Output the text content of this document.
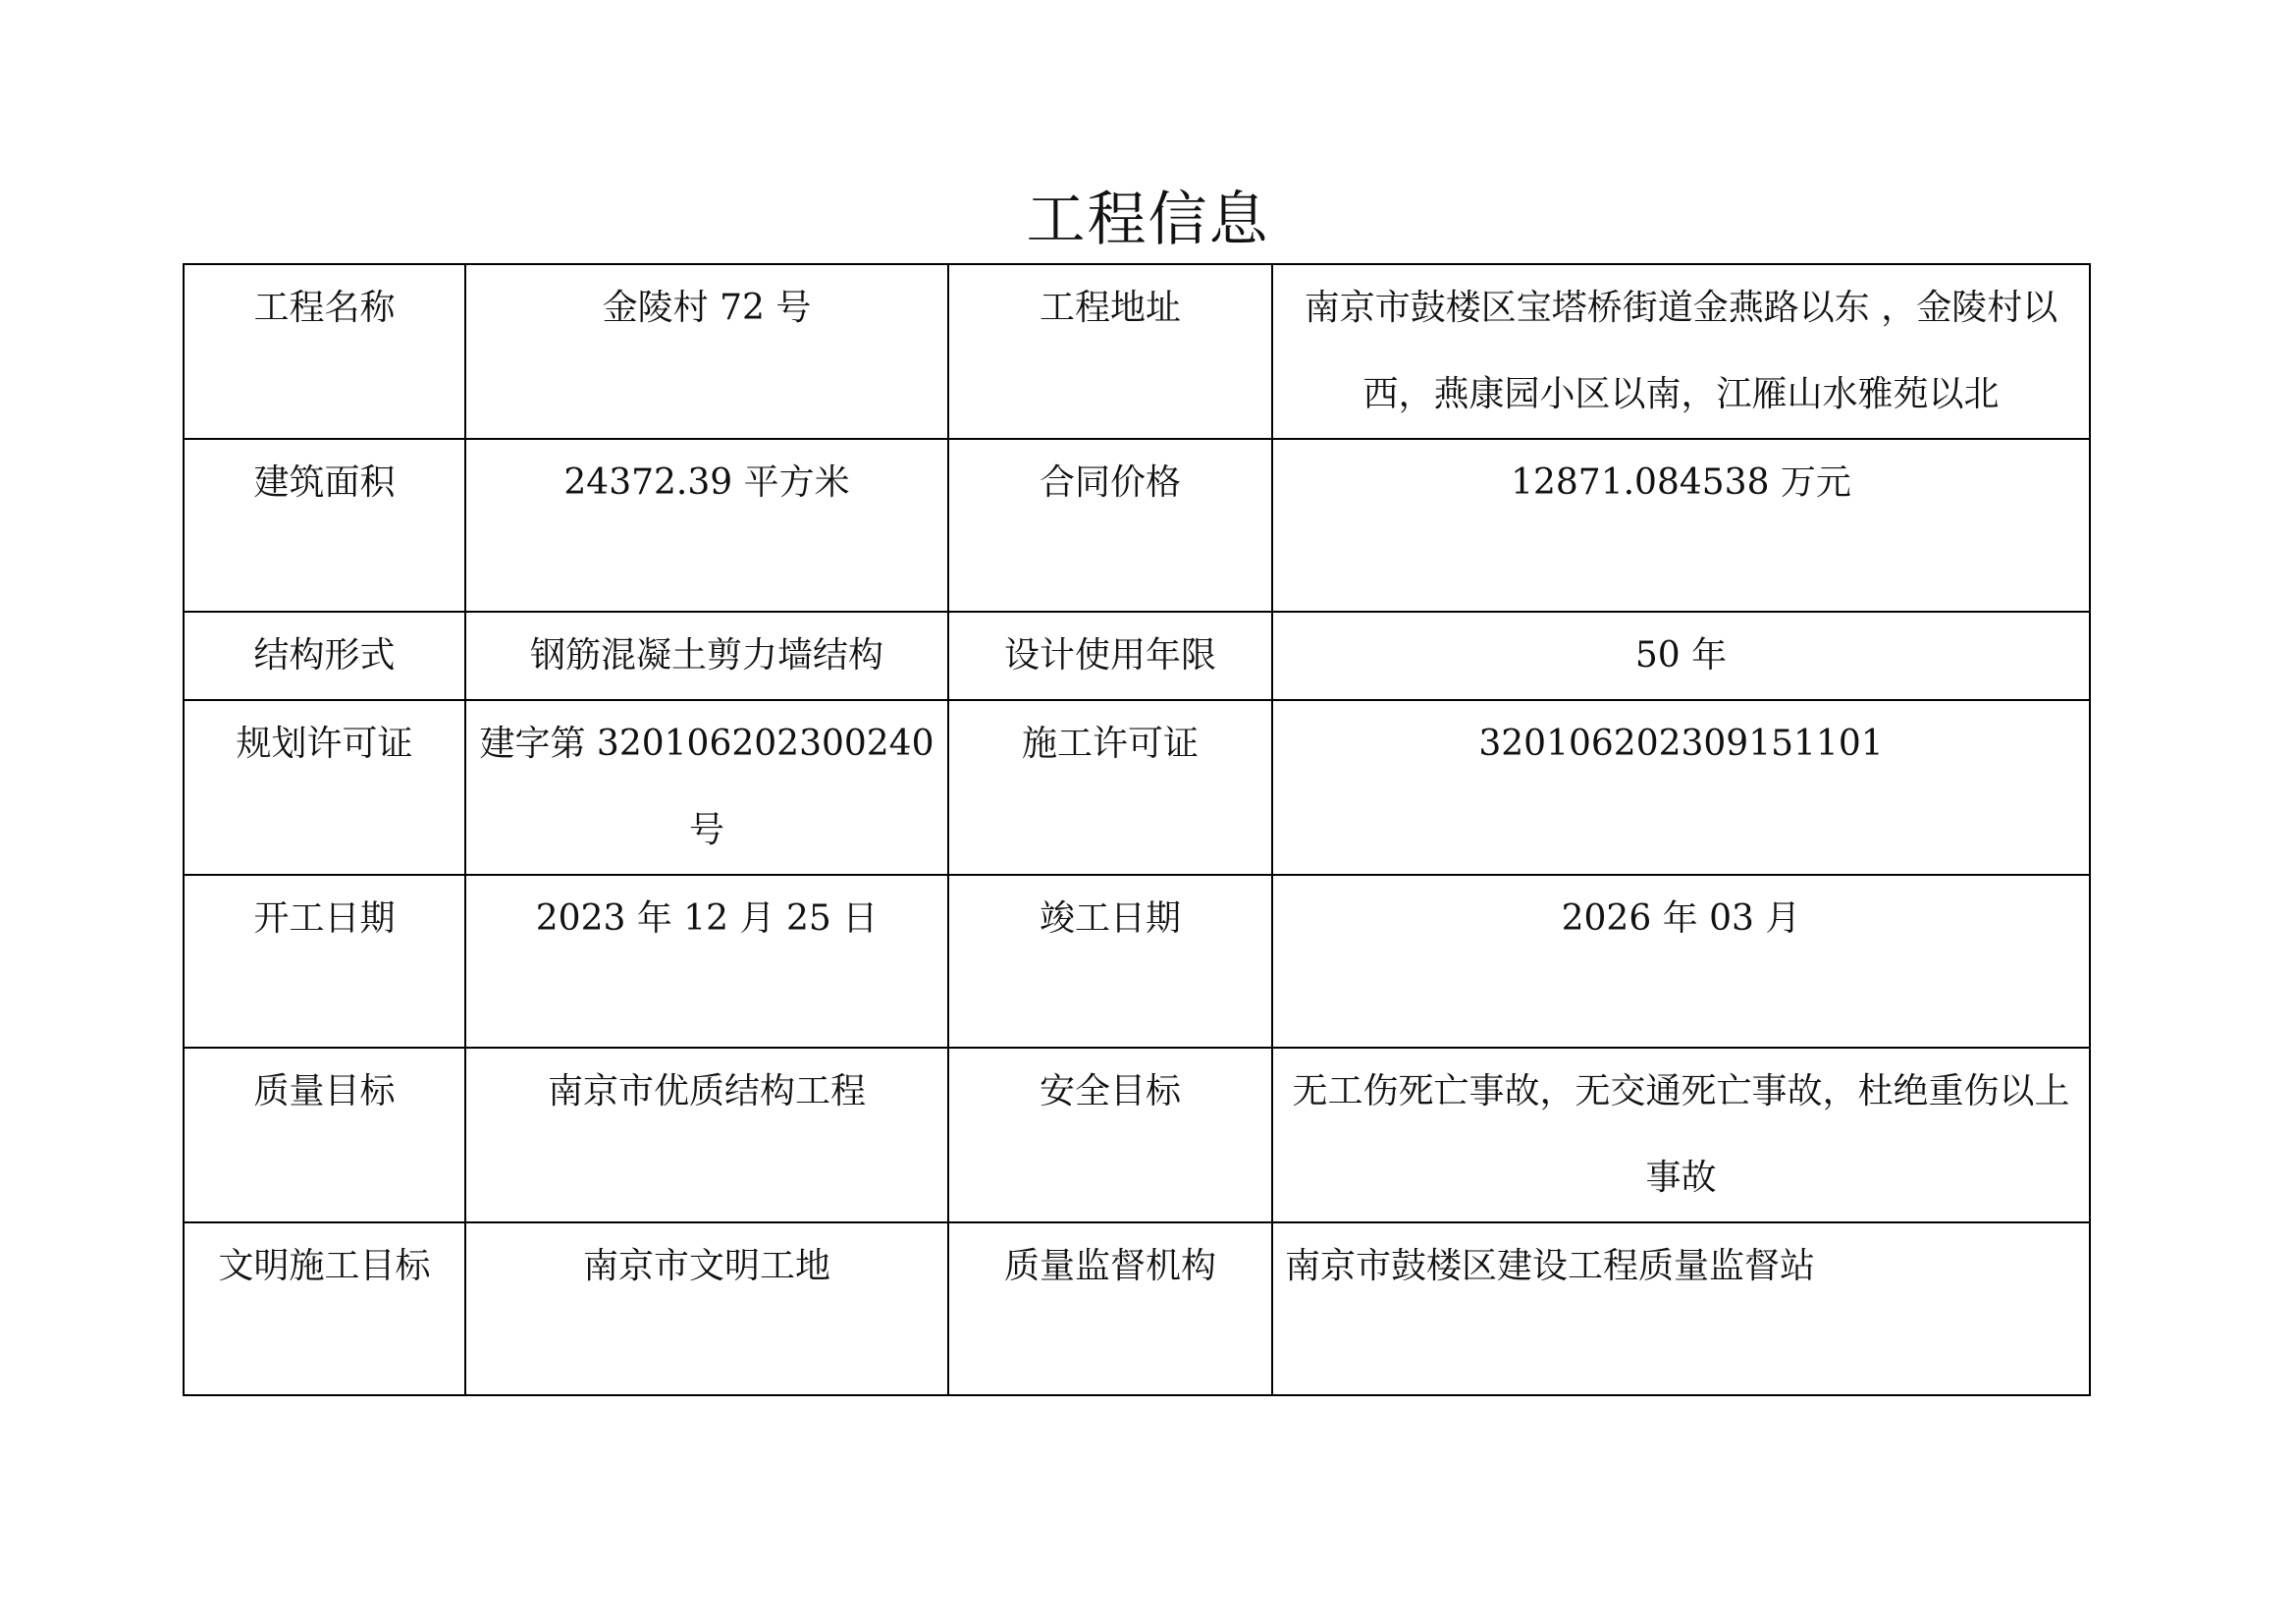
工程信息
工程名称	金陵村 72 号	工程地址	南京市鼓楼区宝塔桥街道金燕路以东 ，金陵村以西，燕康园小区以南，江雁山水雅苑以北
建筑面积	24372.39 平方米	合同价格	12871.084538 万元
结构形式	钢筋混凝土剪力墙结构	设计使用年限	50 年
规划许可证	建字第 320106202300240 号	施工许可证	320106202309151101
开工日期	2023 年 12 月 25 日	竣工日期	2026 年 03 月
质量目标	南京市优质结构工程	安全目标	无工伤死亡事故，无交通死亡事故，杜绝重伤以上事故
文明施工目标	南京市文明工地	质量监督机构	南京市鼓楼区建设工程质量监督站
